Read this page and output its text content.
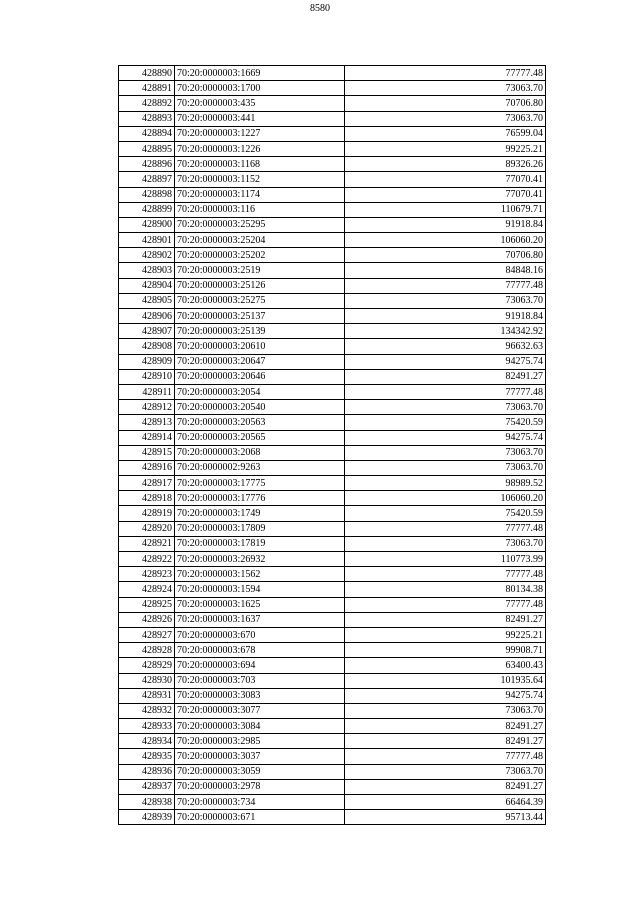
8580
428890	70:20:0000003:1669	77777.48
428891	70:20:0000003:1700	73063.70
428892	70:20:0000003:435	70706.80
428893	70:20:0000003:441	73063.70
428894	70:20:0000003:1227	76599.04
428895	70:20:0000003:1226	99225.21
428896	70:20:0000003:1168	89326.26
428897	70:20:0000003:1152	77070.41
428898	70:20:0000003:1174	77070.41
428899	70:20:0000003:116	110679.71
428900	70:20:0000003:25295	91918.84
428901	70:20:0000003:25204	106060.20
428902	70:20:0000003:25202	70706.80
428903	70:20:0000003:2519	84848.16
428904	70:20:0000003:25126	77777.48
428905	70:20:0000003:25275	73063.70
428906	70:20:0000003:25137	91918.84
428907	70:20:0000003:25139	134342.92
428908	70:20:0000003:20610	96632.63
428909	70:20:0000003:20647	94275.74
428910	70:20:0000003:20646	82491.27
428911	70:20:0000003:2054	77777.48
428912	70:20:0000003:20540	73063.70
428913	70:20:0000003:20563	75420.59
428914	70:20:0000003:20565	94275.74
428915	70:20:0000003:2068	73063.70
428916	70:20:0000002:9263	73063.70
428917	70:20:0000003:17775	98989.52
428918	70:20:0000003:17776	106060.20
428919	70:20:0000003:1749	75420.59
428920	70:20:0000003:17809	77777.48
428921	70:20:0000003:17819	73063.70
428922	70:20:0000003:26932	110773.99
428923	70:20:0000003:1562	77777.48
428924	70:20:0000003:1594	80134.38
428925	70:20:0000003:1625	77777.48
428926	70:20:0000003:1637	82491.27
428927	70:20:0000003:670	99225.21
428928	70:20:0000003:678	99908.71
428929	70:20:0000003:694	63400.43
428930	70:20:0000003:703	101935.64
428931	70:20:0000003:3083	94275.74
428932	70:20:0000003:3077	73063.70
428933	70:20:0000003:3084	82491.27
428934	70:20:0000003:2985	82491.27
428935	70:20:0000003:3037	77777.48
428936	70:20:0000003:3059	73063.70
428937	70:20:0000003:2978	82491.27
428938	70:20:0000003:734	66464.39
428939	70:20:0000003:671	95713.44
